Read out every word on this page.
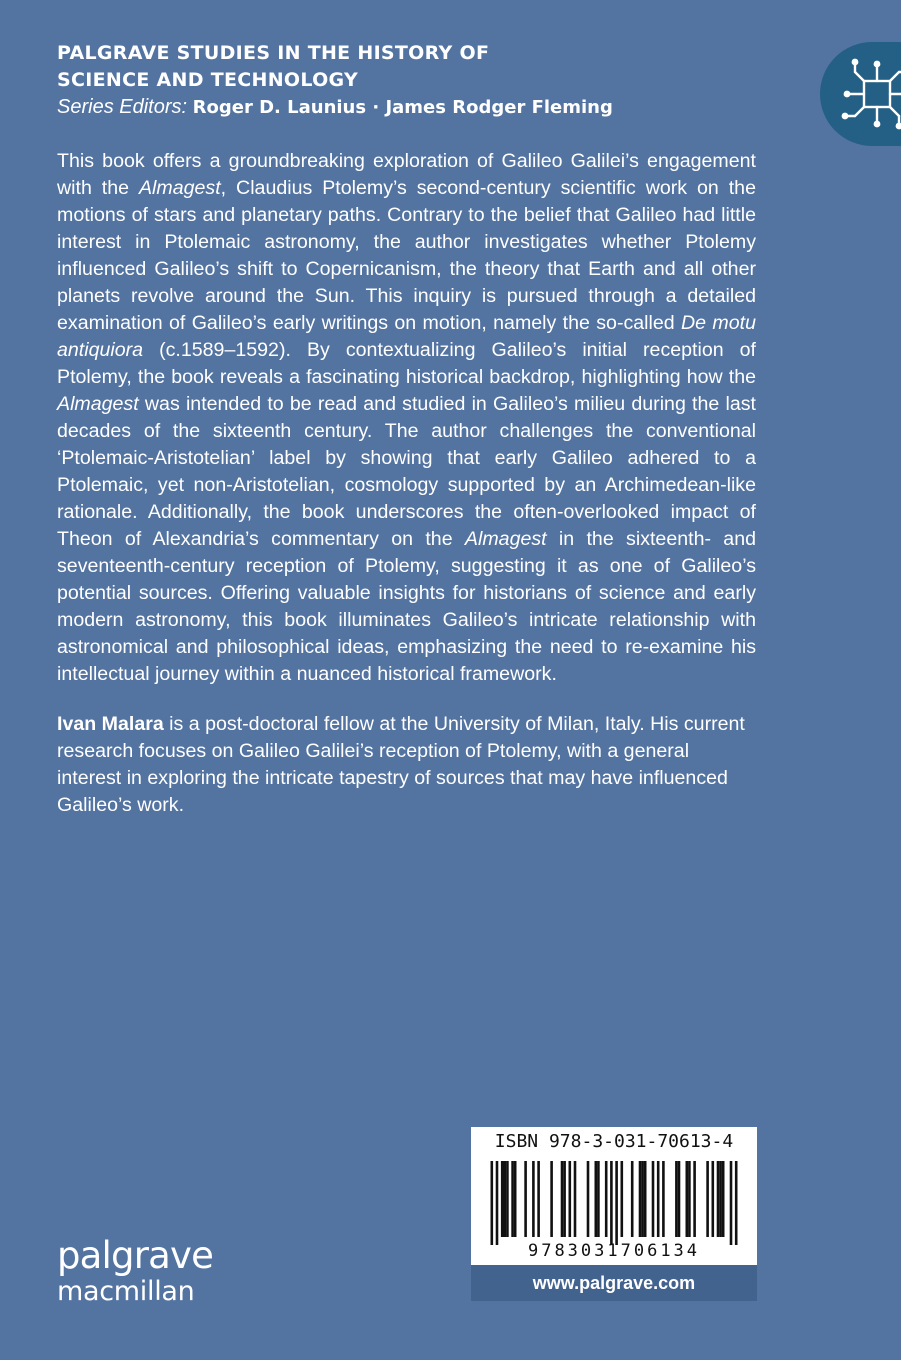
PALGRAVE STUDIES IN THE HISTORY OF
SCIENCE AND TECHNOLOGY
Series Editors: Roger D. Launius · James Rodger Fleming

This book offers a groundbreaking exploration of Galileo Galilei’s engagement with the Almagest, Claudius Ptolemy’s second-century scientific work on the motions of stars and planetary paths. Contrary to the belief that Galileo had little interest in Ptolemaic astronomy, the author investigates whether Ptolemy influenced Galileo’s shift to Copernicanism, the theory that Earth and all other planets revolve around the Sun. This inquiry is pursued through a detailed examination of Galileo’s early writings on motion, namely the so-called De motu antiquiora (c.1589–1592). By contextualizing Galileo’s initial reception of Ptolemy, the book reveals a fascinating historical backdrop, highlighting how the Almagest was intended to be read and studied in Galileo’s milieu during the last decades of the sixteenth century. The author challenges the conventional ‘Ptolemaic-Aristotelian’ label by showing that early Galileo adhered to a Ptolemaic, yet non-Aristotelian, cosmology supported by an Archimedean-like rationale. Additionally, the book underscores the often-overlooked impact of Theon of Alexandria’s commentary on the Almagest in the sixteenth- and seventeenth-century reception of Ptolemy, suggesting it as one of Galileo’s potential sources. Offering valuable insights for historians of science and early modern astronomy, this book illuminates Galileo’s intricate relationship with astronomical and philosophical ideas, emphasizing the need to re-examine his intellectual journey within a nuanced historical framework.

Ivan Malara is a post-doctoral fellow at the University of Milan, Italy. His current research focuses on Galileo Galilei’s reception of Ptolemy, with a general interest in exploring the intricate tapestry of sources that may have influenced Galileo’s work.

palgrave
macmillan
ISBN 978-3-031-70613-4
9783031706134
www.palgrave.com
